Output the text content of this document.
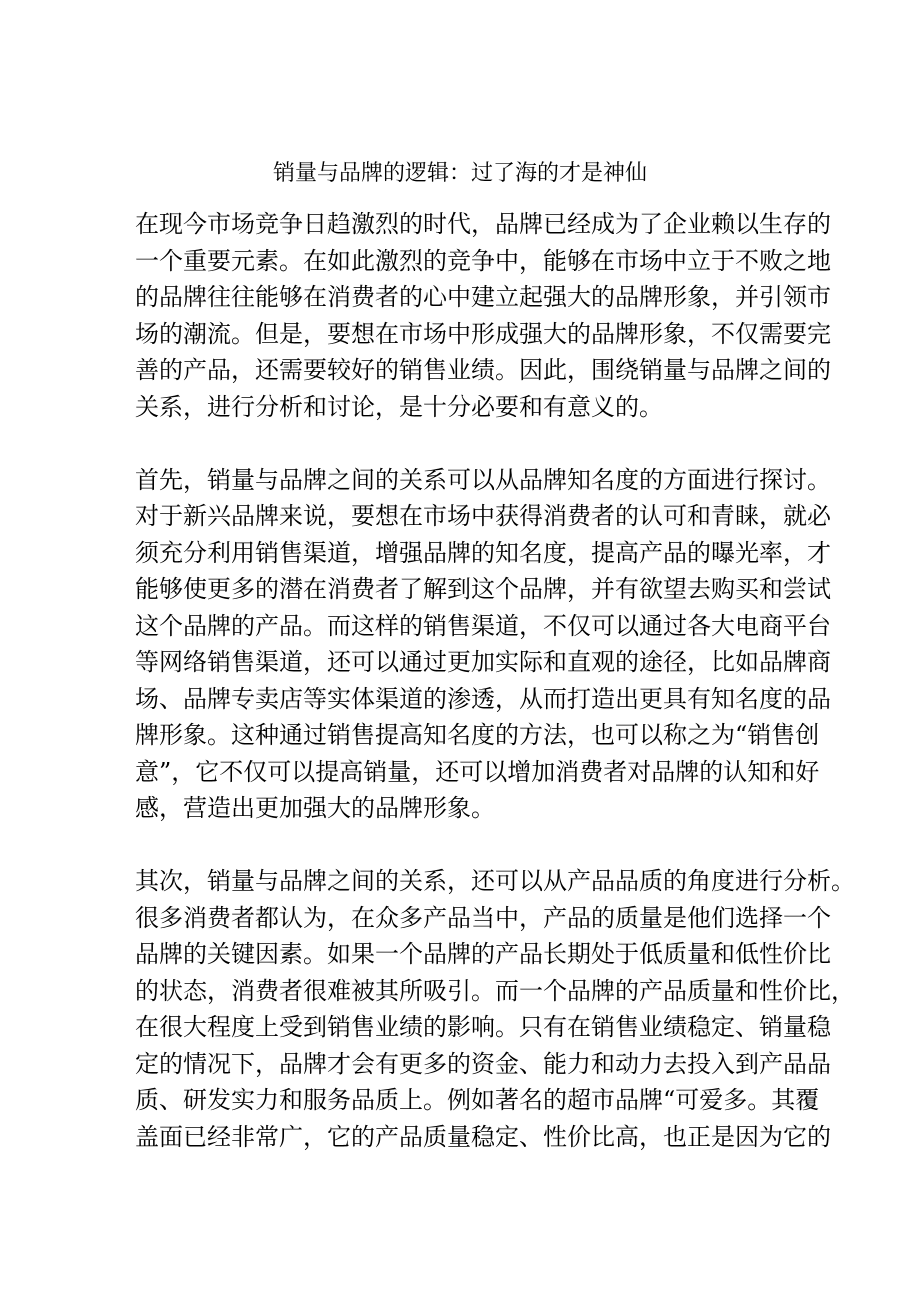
销量与品牌的逻辑：过了海的才是神仙

在现今市场竞争日趋激烈的时代，品牌已经成为了企业赖以生存的
一个重要元素。在如此激烈的竞争中，能够在市场中立于不败之地
的品牌往往能够在消费者的心中建立起强大的品牌形象，并引领市
场的潮流。但是，要想在市场中形成强大的品牌形象，不仅需要完
善的产品，还需要较好的销售业绩。因此，围绕销量与品牌之间的
关系，进行分析和讨论，是十分必要和有意义的。

首先，销量与品牌之间的关系可以从品牌知名度的方面进行探讨。
对于新兴品牌来说，要想在市场中获得消费者的认可和青睐，就必
须充分利用销售渠道，增强品牌的知名度，提高产品的曝光率，才
能够使更多的潜在消费者了解到这个品牌，并有欲望去购买和尝试
这个品牌的产品。而这样的销售渠道，不仅可以通过各大电商平台
等网络销售渠道，还可以通过更加实际和直观的途径，比如品牌商
场、品牌专卖店等实体渠道的渗透，从而打造出更具有知名度的品
牌形象。这种通过销售提高知名度的方法，也可以称之为“销售创
意”，它不仅可以提高销量，还可以增加消费者对品牌的认知和好
感，营造出更加强大的品牌形象。

其次，销量与品牌之间的关系，还可以从产品品质的角度进行分析。
很多消费者都认为，在众多产品当中，产品的质量是他们选择一个
品牌的关键因素。如果一个品牌的产品长期处于低质量和低性价比
的状态，消费者很难被其所吸引。而一个品牌的产品质量和性价比，
在很大程度上受到销售业绩的影响。只有在销售业绩稳定、销量稳
定的情况下，品牌才会有更多的资金、能力和动力去投入到产品品
质、研发实力和服务品质上。例如著名的超市品牌“可爱多。其覆
盖面已经非常广，它的产品质量稳定、性价比高，也正是因为它的
